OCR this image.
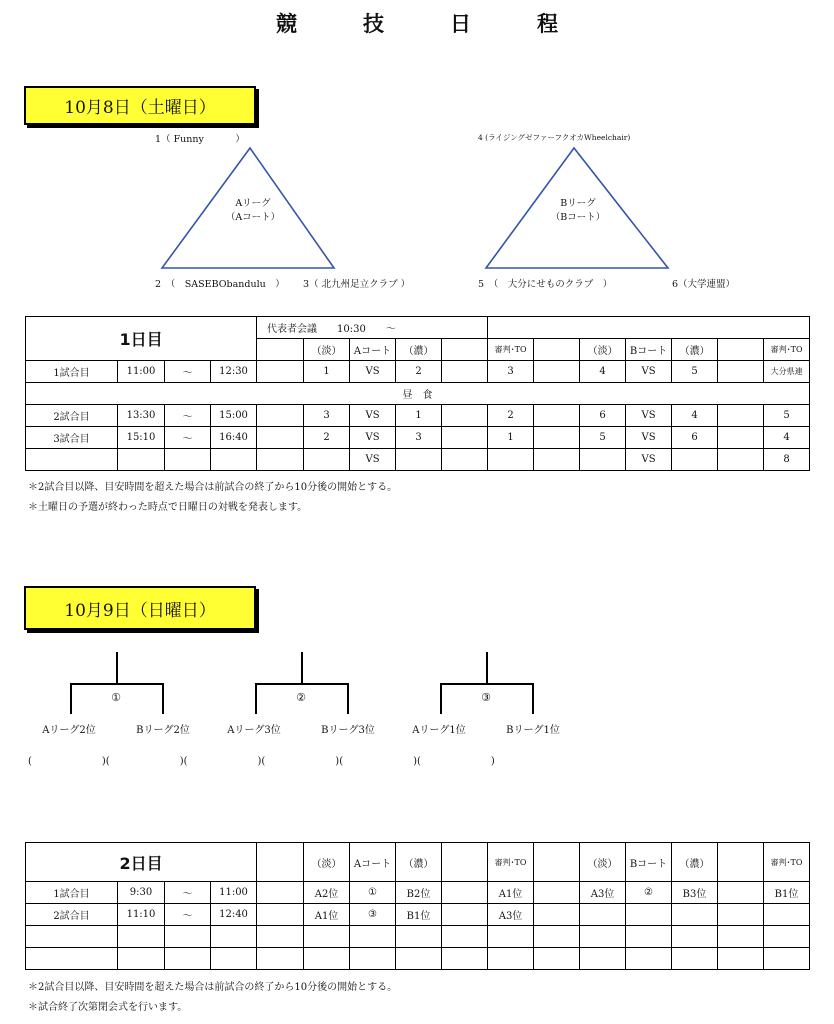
競	技	日	程
10月8日（土曜日）
1（ Funny　　　 ）
Aリーグ
（Aコート）
2　（　SASEBObandulu　） 3（ 北九州足立クラブ ）
4 (ライジングゼファーフクオカWheelchair)
Bリーグ
（Bコート）
5　（　大分にせものクラブ　）	6（大学連盟）
1日目				代表者会議　　10:30　　〜											
					（淡）	Aコート	（濃）		審判･TO		（淡）	Bコート	（濃）		審判･TO
1試合目	11:00	〜	12:30		1	VS	2		3		4	VS	5		大分県連
昼　食															
2試合目	13:30	〜	15:00		3	VS	1		2		6	VS	4		5
3試合目	15:10	〜	16:40		2	VS	3		1		5	VS	6		4
						VS						VS			8
＊2試合目以降、目安時間を超えた場合は前試合の終了から10分後の開始とする。
＊土曜日の予選が終わった時点で日曜日の対戦を発表します。
10月9日（日曜日）
①
Aリーグ2位	Bリーグ2位
②
Aリーグ3位	Bリーグ3位
③
Aリーグ1位	Bリーグ1位
(　　　　　　　)(　　　　　　　)(　　　　　　　)(　　　　　　　)(　　　　　　　)(　　　　　　　)
2日目					（淡）	Aコート	（濃）		審判･TO		（淡）	Bコート	（濃）		審判･TO
1試合目	9:30	〜	11:00		A2位	①	B2位		A1位		A3位	②	B3位		B1位
2試合目	11:10	〜	12:40		A1位	③	B1位		A3位						

＊2試合目以降、目安時間を超えた場合は前試合の終了から10分後の開始とする。
＊試合終了次第閉会式を行います。
